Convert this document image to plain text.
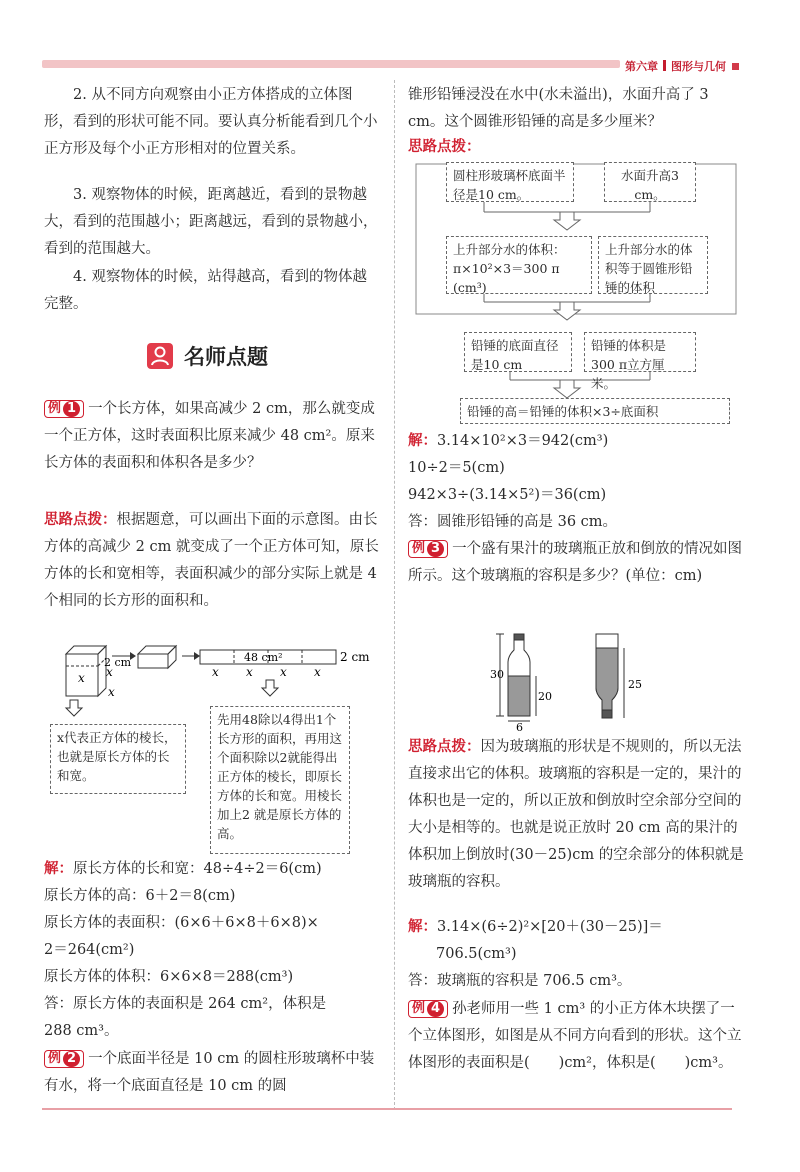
第六章 图形与几何

2. 从不同方向观察由小正方体搭成的立体图形，看到的形状可能不同。要认真分析能看到几个小正方形及每个小正方形相对的位置关系。

3. 观察物体的时候，距离越近，看到的景物越大，看到的范围越小；距离越远，看到的景物越小，看到的范围越大。

4. 观察物体的时候，站得越高，看到的物体越完整。

名师点题

例 1 一个长方体，如果高减少 2 cm，那么就变成一个正方体，这时表面积比原来减少 48 cm²。原来长方体的表面积和体积各是多少？

思路点拨：根据题意，可以画出下面的示意图。由长方体的高减少 2 cm 就变成了一个正方体可知，原长方体的长和宽相等，表面积减少的部分实际上就是 4 个相同的长方形的面积和。

2 cm	48 cm²	2 cm
x x
x
x x x x
x代表正方体的棱长，也就是原长方体的长和宽。
先用48除以4得出1个长方形的面积，再用这个面积除以2就能得出正方体的棱长，即原长方体的长和宽。用棱长加上2 就是原长方体的高。

解：原长方体的长和宽：48÷4÷2＝6(cm)

原长方体的高：6＋2＝8(cm)

原长方体的表面积：(6×6＋6×8＋6×8)×

2＝264(cm²)

原长方体的体积：6×6×8＝288(cm³)

答：原长方体的表面积是 264 cm²，体积是

288 cm³。

例 2 一个底面半径是 10 cm 的圆柱形玻璃杯中装有水，将一个底面直径是 10 cm 的圆

锥形铅锤浸没在水中(水未溢出)，水面升高了 3 cm。这个圆锥形铅锤的高是多少厘米？

思路点拨：

圆柱形玻璃杯底面半径是10 cm。
水面升高3 cm。
上升部分水的体积：π×10²×3＝300 π (cm³)
上升部分水的体积等于圆锥形铅锤的体积
铅锤的底面直径是10 cm
铅锤的体积是300 π立方厘米。
铅锤的高＝铅锤的体积×3÷底面积

解：3.14×10²×3＝942(cm³)

10÷2＝5(cm)

942×3÷(3.14×5²)＝36(cm)

答：圆锥形铅锤的高是 36 cm。

例 3 一个盛有果汁的玻璃瓶正放和倒放的情况如图所示。这个玻璃瓶的容积是多少？(单位：cm)

30
20
6
25

思路点拨：因为玻璃瓶的形状是不规则的，所以无法直接求出它的体积。玻璃瓶的容积是一定的，果汁的体积也是一定的，所以正放和倒放时空余部分空间的大小是相等的。也就是说正放时 20 cm 高的果汁的体积加上倒放时(30－25)cm 的空余部分的体积就是玻璃瓶的容积。

解：3.14×(6÷2)²×[20＋(30－25)]＝

706.5(cm³)

答：玻璃瓶的容积是 706.5 cm³。

例 4 孙老师用一些 1 cm³ 的小正方体木块摆了一个立体图形，如图是从不同方向看到的形状。这个立体图形的表面积是(　　)cm²，体积是(　　)cm³。
